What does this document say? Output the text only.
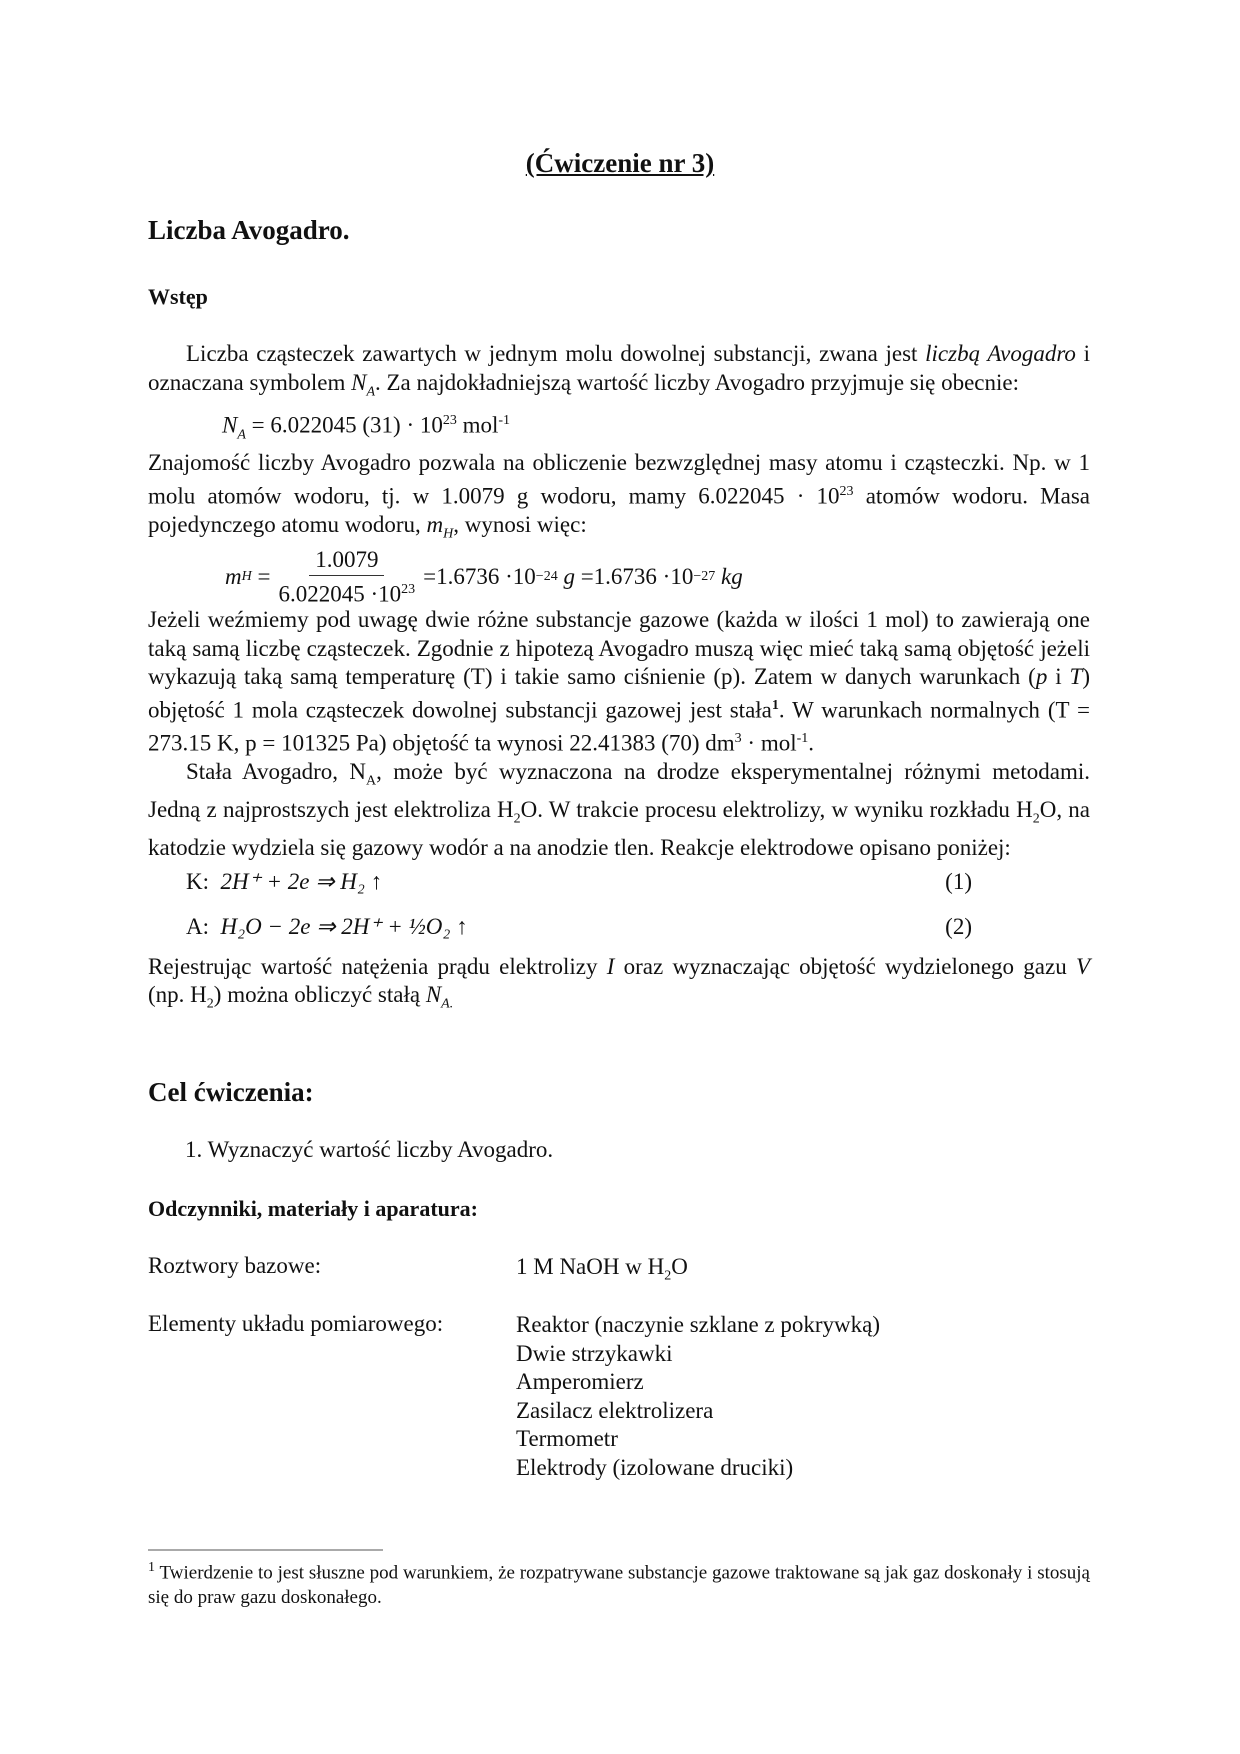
(Ćwiczenie nr 3)
Liczba Avogadro.
Wstęp

Liczba cząsteczek zawartych w jednym molu dowolnej substancji, zwana jest liczbą Avogadro i oznaczana symbolem $N_A$. Za najdokładniejszą wartość liczby Avogadro przyjmuje się obecnie:

$N_A = 6.022045$ $(31) \cdot 10^{23}$ mol$^{-1}$

Znajomość liczby Avogadro pozwala na obliczenie bezwzględnej masy atomu i cząsteczki. Np. w 1 molu atomów wodoru, tj. w 1.0079 g wodoru, mamy $6.022045 \cdot 10^{23}$ atomów wodoru. Masa pojedynczego atomu wodoru, $m_H$, wynosi więc:

m H
= $\frac{1.0079}{6.022045 \cdot 10^{23}} =1.6736 \cdot 10 -24$
g
=1.6736 ·10 −27
kg

Jeżeli weźmiemy pod uwagę dwie różne substancje gazowe (każda w ilości 1 mol) to zawierają one taką samą liczbę cząsteczek. Zgodnie z hipotezą Avogadro muszą więc mieć taką samą objętość jeżeli wykazują taką samą temperaturę (T) i takie samo ciśnienie (p). Zatem w danych warunkach (p i T) objętość 1 mola cząsteczek dowolnej substancji gazowej jest stała$^1$. W warunkach normalnych (T = 273.15 K, p = 101325 Pa) objętość ta wynosi 22.41383 (70) $dm^3 \cdot mol^{-1}$.

Stała Avogadro, $N_A$, może być wyznaczona na drodze eksperymentalnej różnymi metodami. Jedną z najprostszych jest elektroliza $H_2O$. W trakcie procesu elektrolizy, w wyniku rozkładu $H_2O$, na katodzie wydziela się gazowy wodór a na anodzie tlen. Reakcje elektrodowe opisano poniżej:

K: 2H⁺ + 2e ⇒ H₂ ↑	(1)
A: H₂O − 2e ⇒ 2H⁺ + ½O₂ ↑	(2)

Rejestrując wartość natężenia prądu elektrolizy I oraz wyznaczając objętość wydzielonego gazu V (np. $H_2$) można obliczyć stałą $N_{A.}$

Cel ćwiczenia:
1. Wyznaczyć wartość liczby Avogadro.
Odczynniki, materiały i aparatura:
Roztwory bazowe:	1 M NaOH w $H_2O$
Elementy układu pomiarowego:	Reaktor (naczynie szklane z pokrywką)
Dwie strzykawki
Amperomierz
Zasilacz elektrolizera
Termometr
Elektrody (izolowane druciki)
$^1$ Twierdzenie to jest słuszne pod warunkiem, że rozpatrywane substancje gazowe traktowane są jak gaz doskonały i stosują się do praw gazu doskonałego.
